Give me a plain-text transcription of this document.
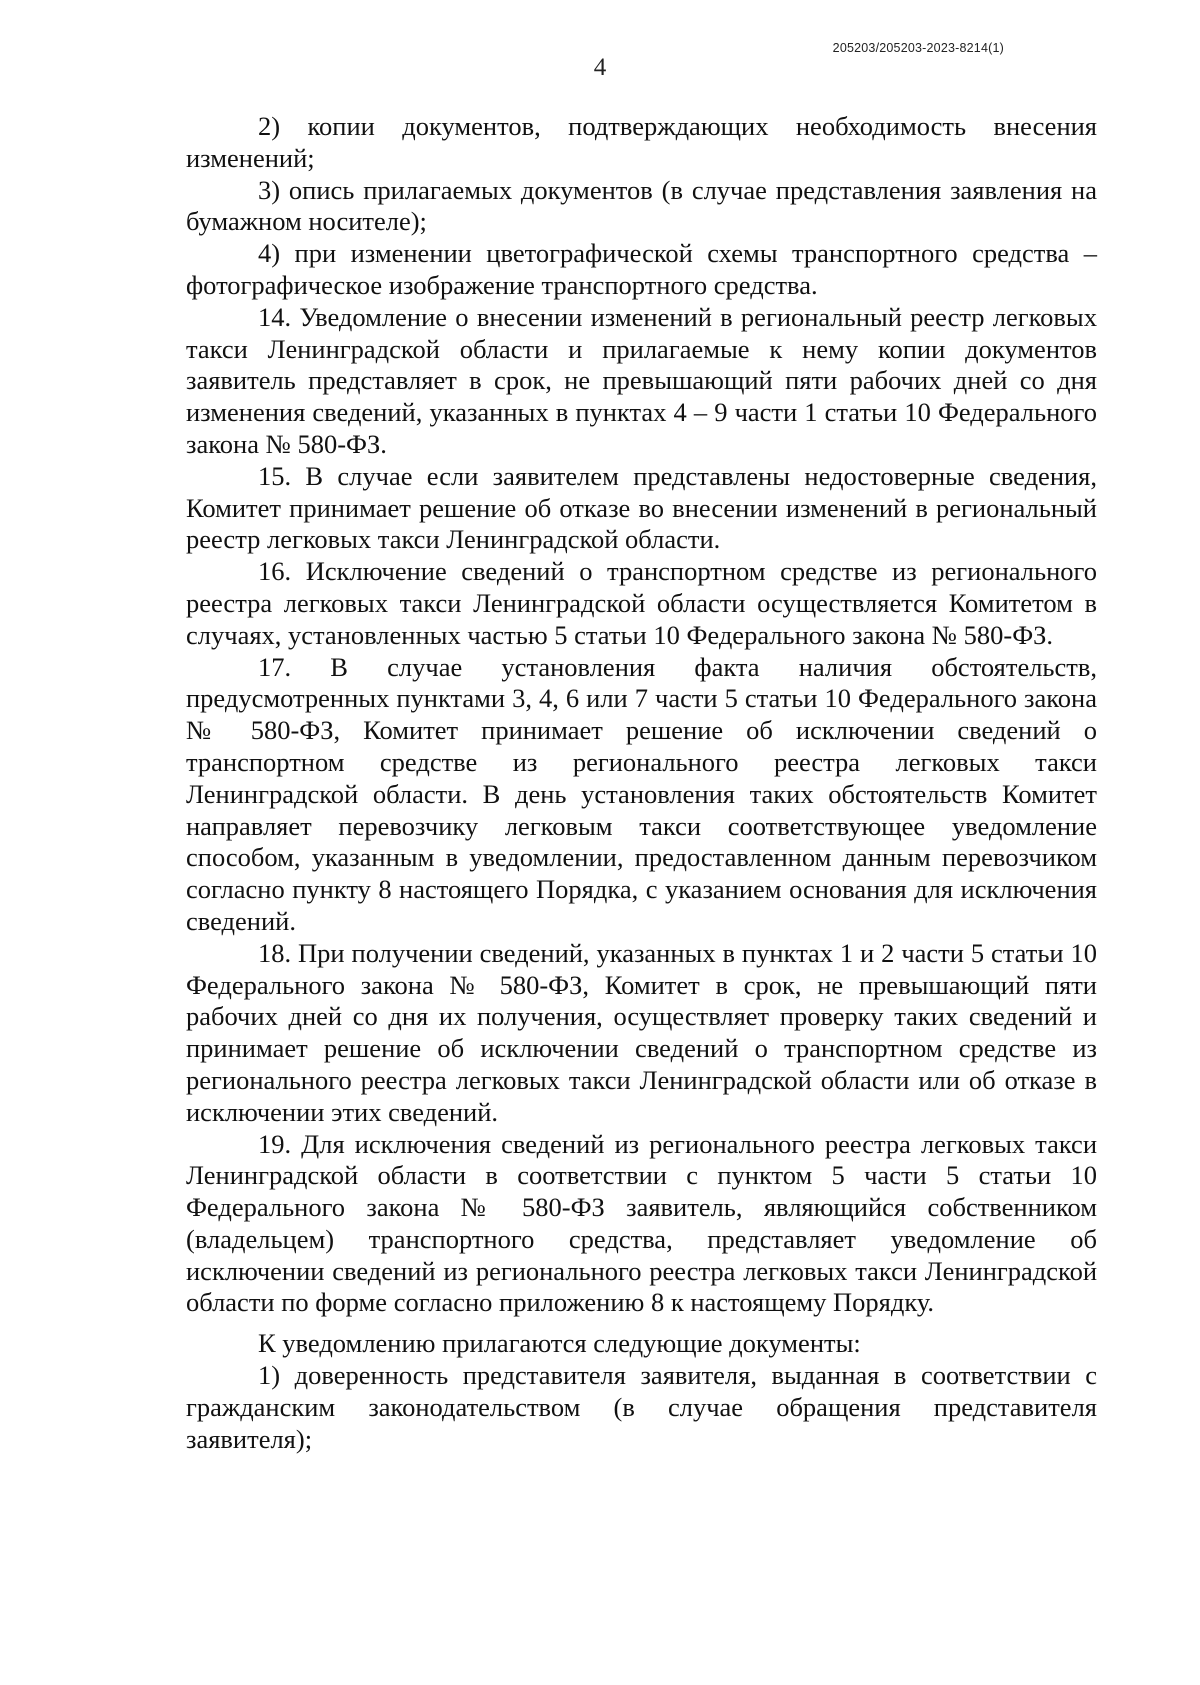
205203/205203-2023-8214(1)
4

2) копии документов, подтверждающих необходимость внесения изменений;

3) опись прилагаемых документов (в случае представления заявления на бумажном носителе);

4) при изменении цветографической схемы транспортного средства – фотографическое изображение транспортного средства.

14. Уведомление о внесении изменений в региональный реестр легковых такси Ленинградской области и прилагаемые к нему копии документов заявитель представляет в срок, не превышающий пяти рабочих дней со дня изменения сведений, указанных в пунктах 4 – 9 части 1 статьи 10 Федерального закона № 580-ФЗ.

15. В случае если заявителем представлены недостоверные сведения, Комитет принимает решение об отказе во внесении изменений в региональный реестр легковых такси Ленинградской области.

16. Исключение сведений о транспортном средстве из регионального реестра легковых такси Ленинградской области осуществляется Комитетом в случаях, установленных частью 5 статьи 10 Федерального закона № 580-ФЗ.

17. В случае установления факта наличия обстоятельств, предусмотренных пунктами 3, 4, 6 или 7 части 5 статьи 10 Федерального закона № 580-ФЗ, Комитет принимает решение об исключении сведений о транспортном средстве из регионального реестра легковых такси Ленинградской области. В день установления таких обстоятельств Комитет направляет перевозчику легковым такси соответствующее уведомление способом, указанным в уведомлении, предоставленном данным перевозчиком согласно пункту 8 настоящего Порядка, с указанием основания для исключения сведений.

18. При получении сведений, указанных в пунктах 1 и 2 части 5 статьи 10 Федерального закона № 580-ФЗ, Комитет в срок, не превышающий пяти рабочих дней со дня их получения, осуществляет проверку таких сведений и принимает решение об исключении сведений о транспортном средстве из регионального реестра легковых такси Ленинградской области или об отказе в исключении этих сведений.

19. Для исключения сведений из регионального реестра легковых такси Ленинградской области в соответствии с пунктом 5 части 5 статьи 10 Федерального закона № 580-ФЗ заявитель, являющийся собственником (владельцем) транспортного средства, представляет уведомление об исключении сведений из регионального реестра легковых такси Ленинградской области по форме согласно приложению 8 к настоящему Порядку.

К уведомлению прилагаются следующие документы:

1) доверенность представителя заявителя, выданная в соответствии с гражданским законодательством (в случае обращения представителя заявителя);
